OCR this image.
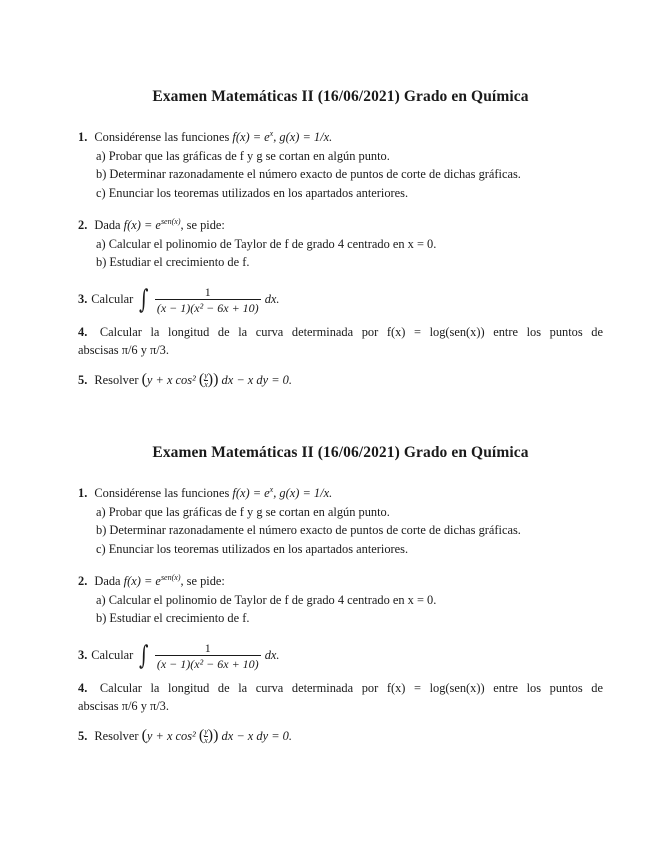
Examen Matemáticas II (16/06/2021) Grado en Química
1. Considérense las funciones $f(x) = e^x$, g(x) = 1/x.
a) Probar que las gráficas de f y g se cortan en algún punto.
b) Determinar razonadamente el número exacto de puntos de corte de dichas gráficas.
c) Enunciar los teoremas utilizados en los apartados anteriores.
2. Dada $f(x) = e^{sen(x)}$, se pide:
a) Calcular el polinomio de Taylor de f de grado 4 centrado en x = 0.
b) Estudiar el crecimiento de f.
3. Calcular ∫ $\frac{1}{\text{(x − 1)(x² − 6x + 10)}}$ dx.
4. Calcular la longitud de la curva determinada por f(x) = log(sen(x)) entre los puntos de
abscisas π/6 y π/3.
5. Resolver (y + x cos² ( $\frac{y}{x}$ )) dx − x dy = 0.
Examen Matemáticas II (16/06/2021) Grado en Química
1. Considérense las funciones $f(x) = e^x$, g(x) = 1/x.
a) Probar que las gráficas de f y g se cortan en algún punto.
b) Determinar razonadamente el número exacto de puntos de corte de dichas gráficas.
c) Enunciar los teoremas utilizados en los apartados anteriores.
2. Dada $f(x) = e^{sen(x)}$, se pide:
a) Calcular el polinomio de Taylor de f de grado 4 centrado en x = 0.
b) Estudiar el crecimiento de f.
3. Calcular ∫ $\frac{1}{\text{(x − 1)(x² − 6x + 10)}}$ dx.
4. Calcular la longitud de la curva determinada por f(x) = log(sen(x)) entre los puntos de
abscisas π/6 y π/3.
5. Resolver (y + x cos² ( $\frac{y}{x}$ )) dx − x dy = 0.
